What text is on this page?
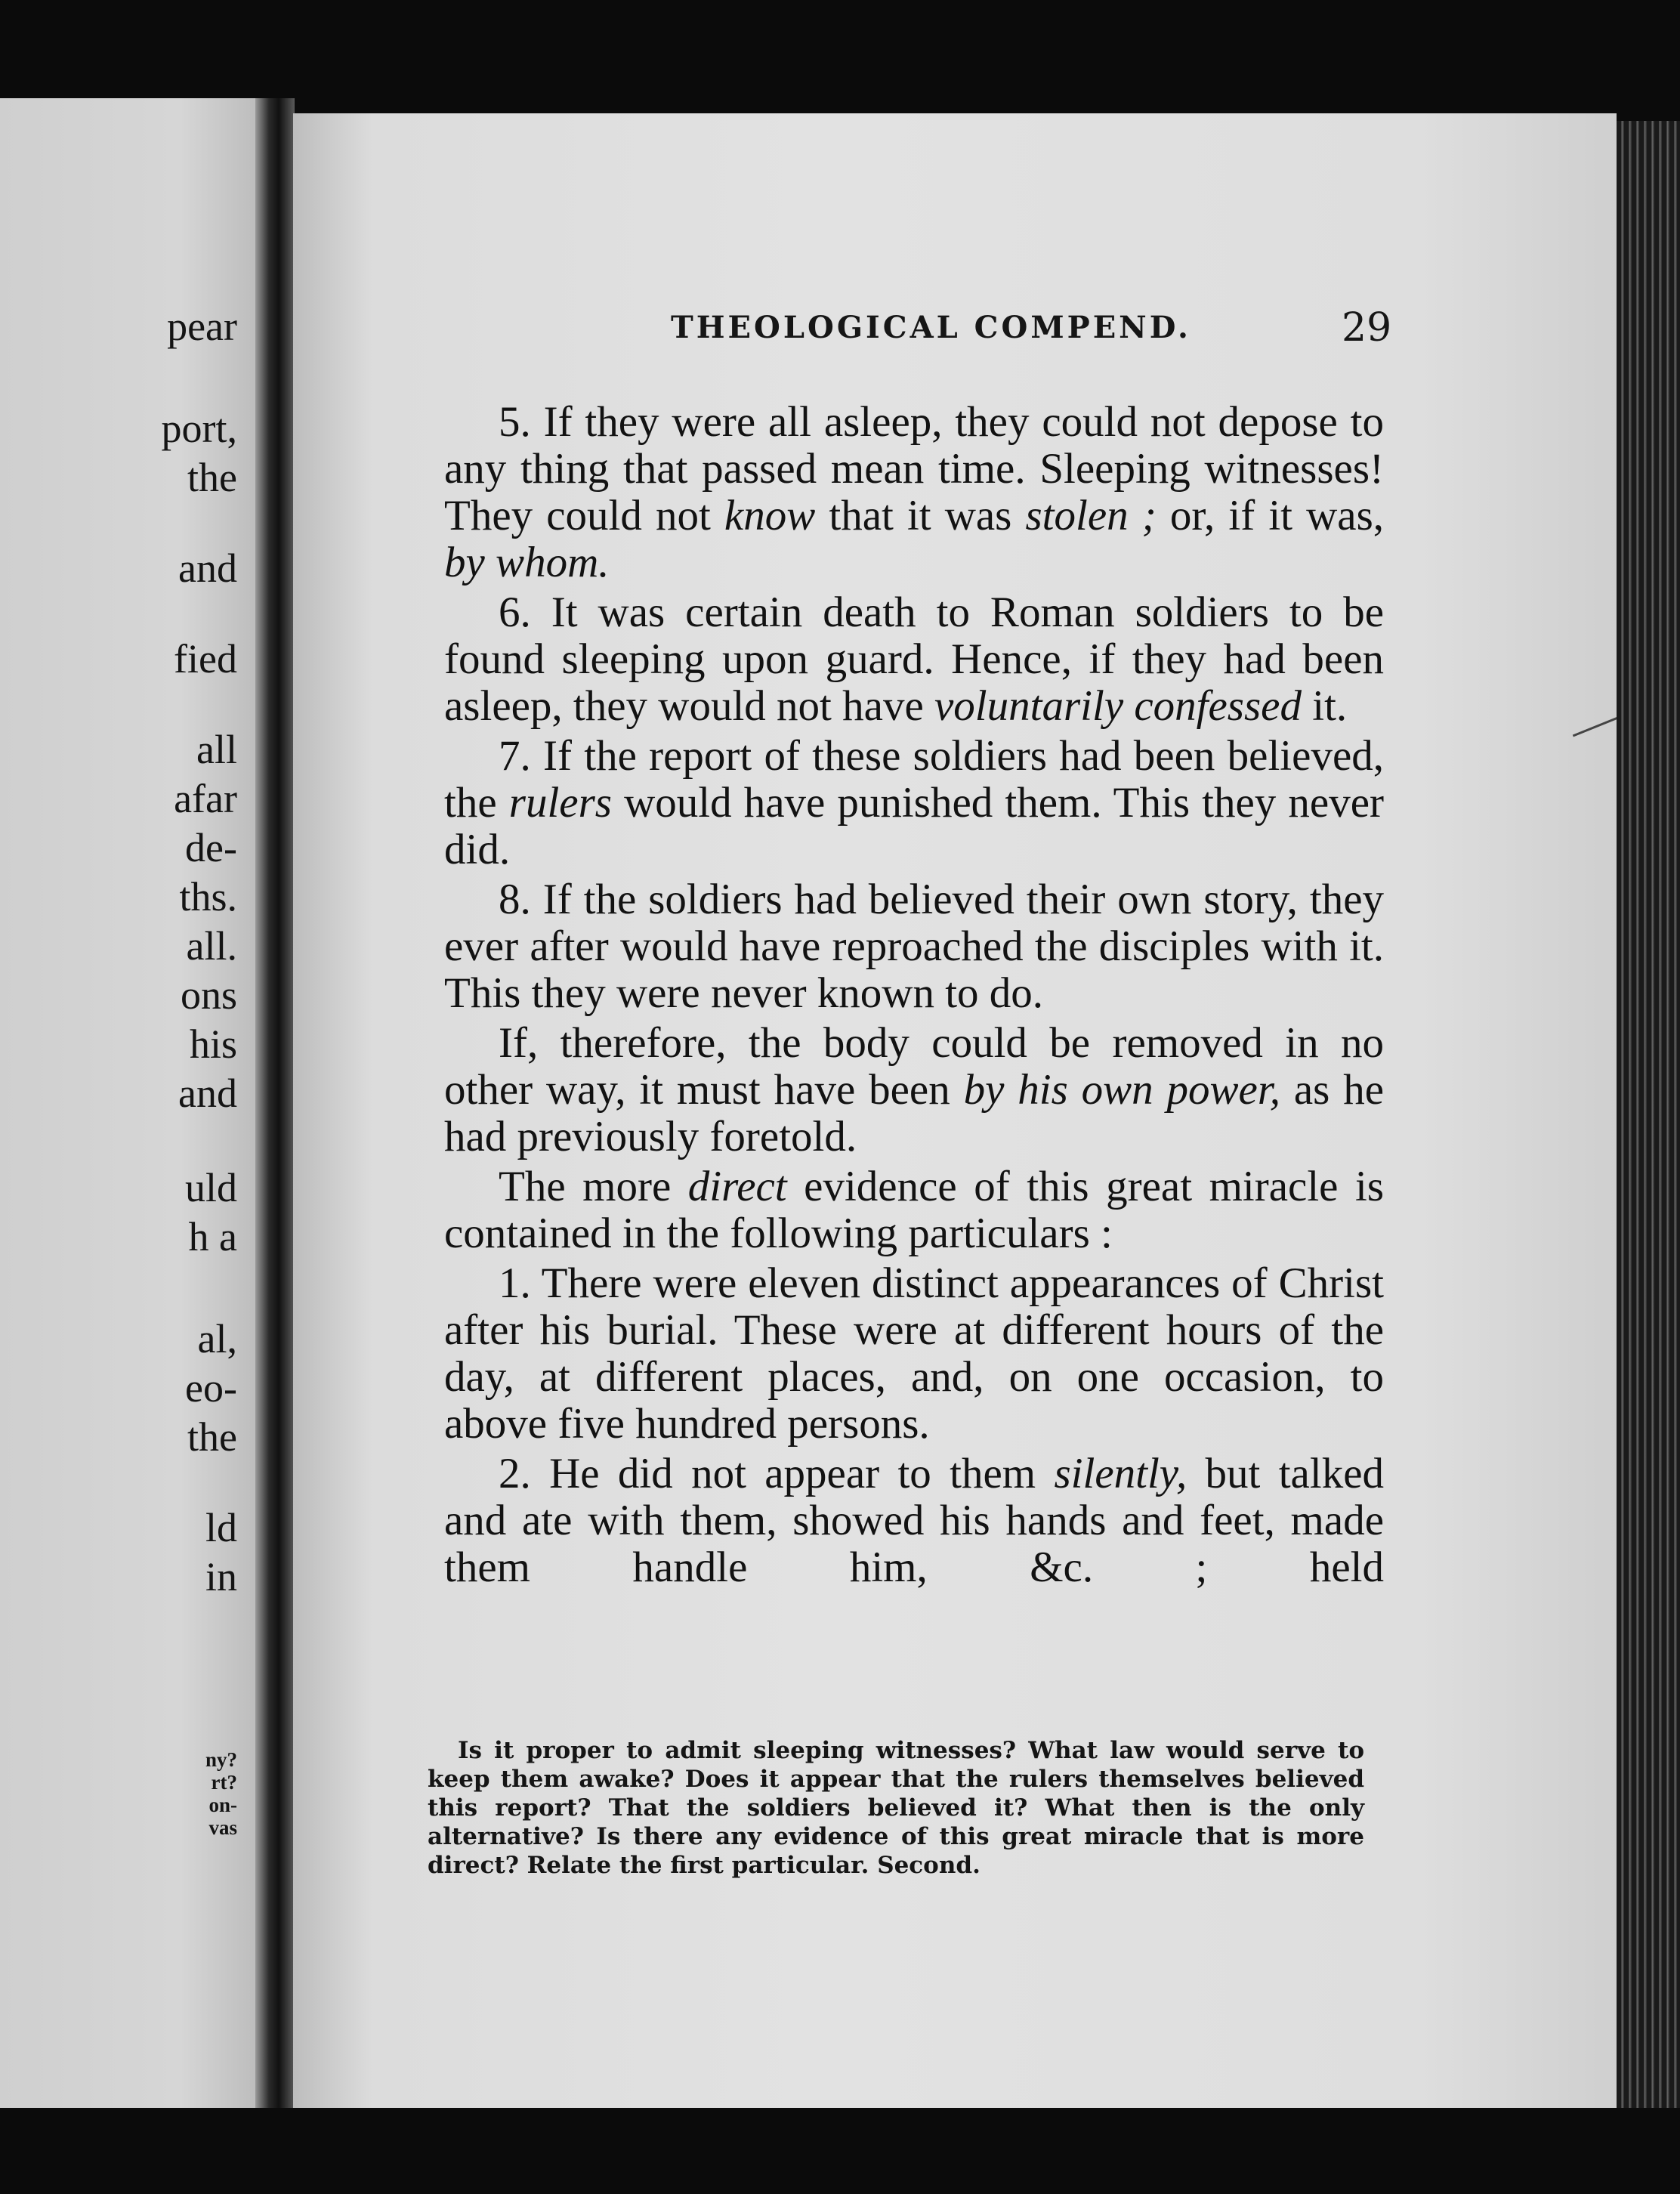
pear

port,

the

and

fied

all

afar

de-

ths.

all.

ons

his

and

uld

h a

al,

eo-

the

ld

in

ny?

rt?

on-

vas

THEOLOGICAL COMPEND.	29

5. If they were all asleep, they could not depose to any thing that passed mean time. Sleeping witnesses! They could not know that it was stolen ; or, if it was, by whom.

6. It was certain death to Roman soldiers to be found sleeping upon guard. Hence, if they had been asleep, they would not have voluntarily confessed it.

7. If the report of these soldiers had been believed, the rulers would have punished them. This they never did.

8. If the soldiers had believed their own story, they ever after would have reproached the disciples with it. This they were never known to do.

If, therefore, the body could be removed in no other way, it must have been by his own power, as he had previously foretold.

The more direct evidence of this great miracle is contained in the following particulars :

1. There were eleven distinct appearances of Christ after his burial. These were at different hours of the day, at different places, and, on one occasion, to above five hundred persons.

2. He did not appear to them silently, but talked and ate with them, showed his hands and feet, made them handle him, &c. ; held

Is it proper to admit sleeping witnesses? What law would serve to keep them awake? Does it appear that the rulers themselves believed this report? That the soldiers believed it? What then is the only alternative? Is there any evidence of this great miracle that is more direct? Relate the first particular. Second.
